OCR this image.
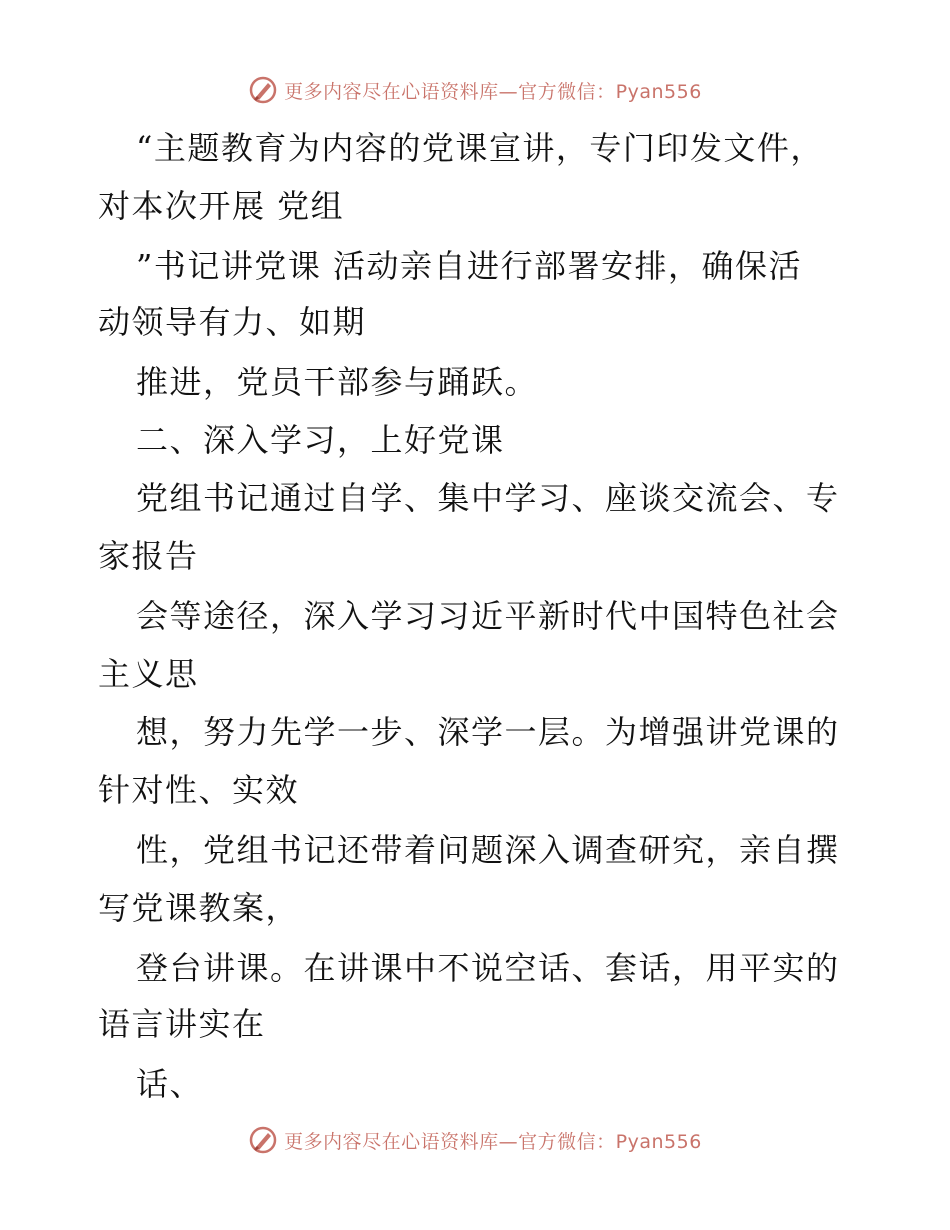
更多内容尽在心语资料库—官方微信：Pyan556
“主题教育为内容的党课宣讲，专门印发文件，
对本次开展 党组
”书记讲党课 活动亲自进行部署安排，确保活
动领导有力、如期
推进，党员干部参与踊跃。
二、深入学习，上好党课
党组书记通过自学、集中学习、座谈交流会、专
家报告
会等途径，深入学习习近平新时代中国特色社会
主义思
想，努力先学一步、深学一层。为增强讲党课的
针对性、实效
性，党组书记还带着问题深入调查研究，亲自撰
写党课教案，
登台讲课。在讲课中不说空话、套话，用平实的
语言讲实在
话、
更多内容尽在心语资料库—官方微信：Pyan556
